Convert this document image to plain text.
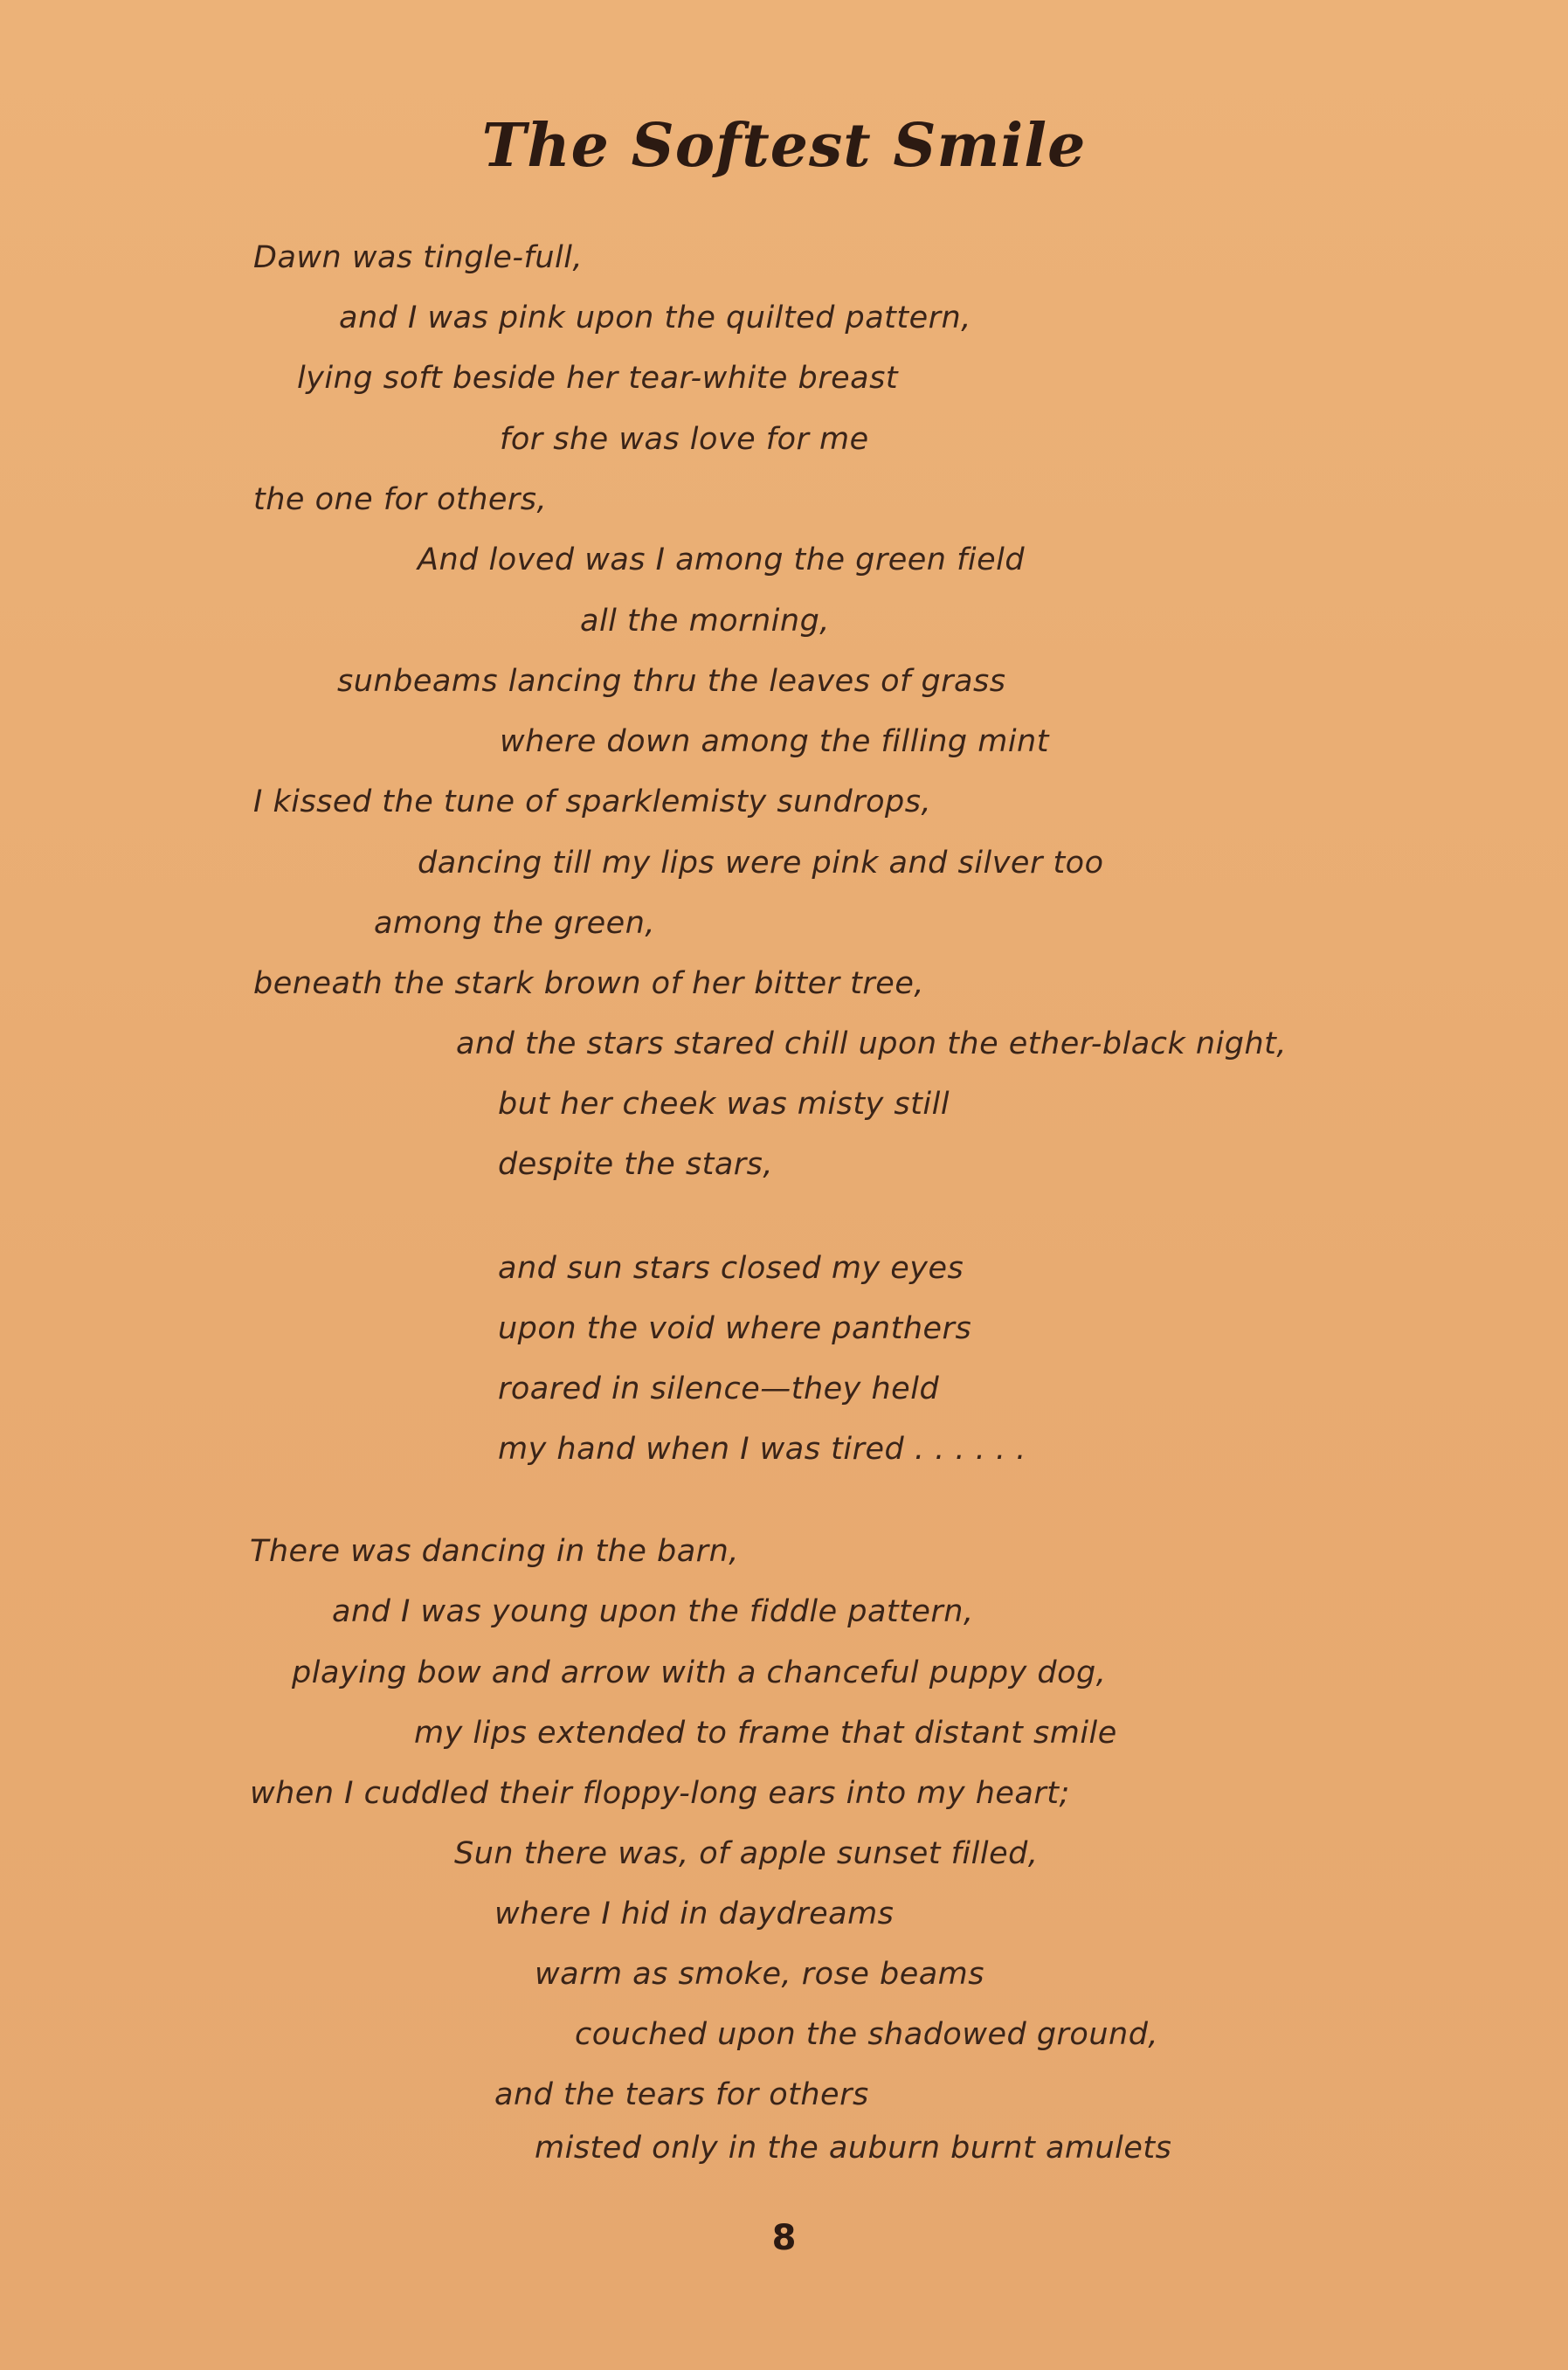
The Softest Smile
Dawn was tingle-full,
and I was pink upon the quilted pattern,
lying soft beside her tear-white breast
for she was love for me
the one for others,
And loved was I among the green field
all the morning,
sunbeams lancing thru the leaves of grass
where down among the filling mint
I kissed the tune of sparklemisty sundrops,
dancing till my lips were pink and silver too
among the green,
beneath the stark brown of her bitter tree,
and the stars stared chill upon the ether-black night,
but her cheek was misty still
despite the stars,
and sun stars closed my eyes
upon the void where panthers
roared in silence—they held
my hand when I was tired . . . . . .
There was dancing in the barn,
and I was young upon the fiddle pattern,
playing bow and arrow with a chanceful puppy dog,
my lips extended to frame that distant smile
when I cuddled their floppy-long ears into my heart;
Sun there was, of apple sunset filled,
where I hid in daydreams
warm as smoke, rose beams
couched upon the shadowed ground,
and the tears for others
misted only in the auburn burnt amulets
8
